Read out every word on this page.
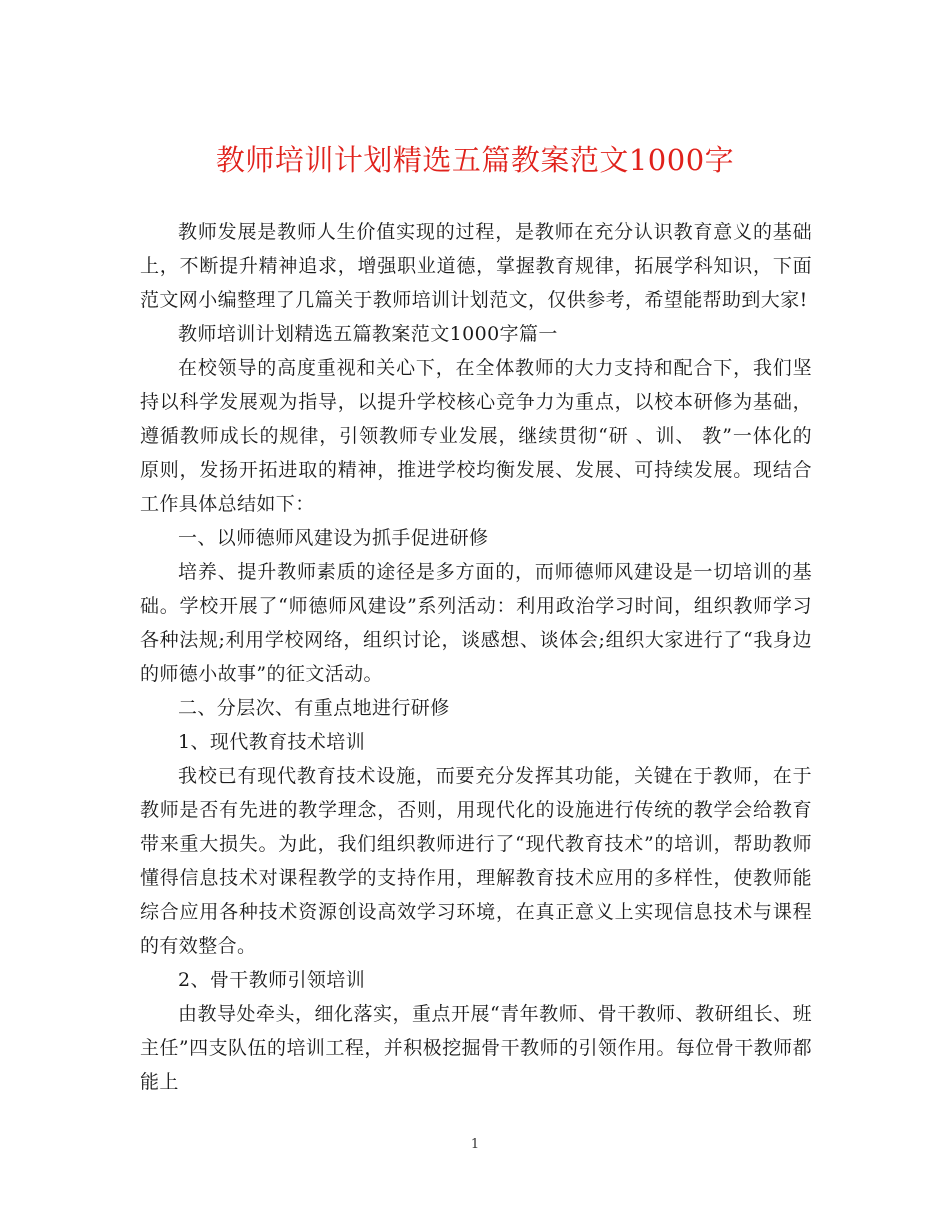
教师培训计划精选五篇教案范文1000字

教师发展是教师人生价值实现的过程，是教师在充分认识教育意义的基础上，不断提升精神追求，增强职业道德，掌握教育规律，拓展学科知识，下面范文网小编整理了几篇关于教师培训计划范文，仅供参考，希望能帮助到大家!

教师培训计划精选五篇教案范文1000字篇一

在校领导的高度重视和关心下，在全体教师的大力支持和配合下，我们坚持以科学发展观为指导，以提升学校核心竞争力为重点，以校本研修为基础，遵循教师成长的规律，引领教师专业发展，继续贯彻“研 、训、 教”一体化的原则，发扬开拓进取的精神，推进学校均衡发展、发展、可持续发展。现结合工作具体总结如下：

一、以师德师风建设为抓手促进研修

培养、提升教师素质的途径是多方面的，而师德师风建设是一切培训的基础。学校开展了“师德师风建设”系列活动：利用政治学习时间，组织教师学习各种法规;利用学校网络，组织讨论，谈感想、谈体会;组织大家进行了“我身边的师德小故事”的征文活动。

二、分层次、有重点地进行研修

1、现代教育技术培训

我校已有现代教育技术设施，而要充分发挥其功能，关键在于教师，在于教师是否有先进的教学理念，否则，用现代化的设施进行传统的教学会给教育带来重大损失。为此，我们组织教师进行了“现代教育技术”的培训，帮助教师懂得信息技术对课程教学的支持作用，理解教育技术应用的多样性，使教师能综合应用各种技术资源创设高效学习环境，在真正意义上实现信息技术与课程的有效整合。

2、骨干教师引领培训

由教导处牵头，细化落实，重点开展“青年教师、骨干教师、教研组长、班主任”四支队伍的培训工程，并积极挖掘骨干教师的引领作用。每位骨干教师都能上

1
